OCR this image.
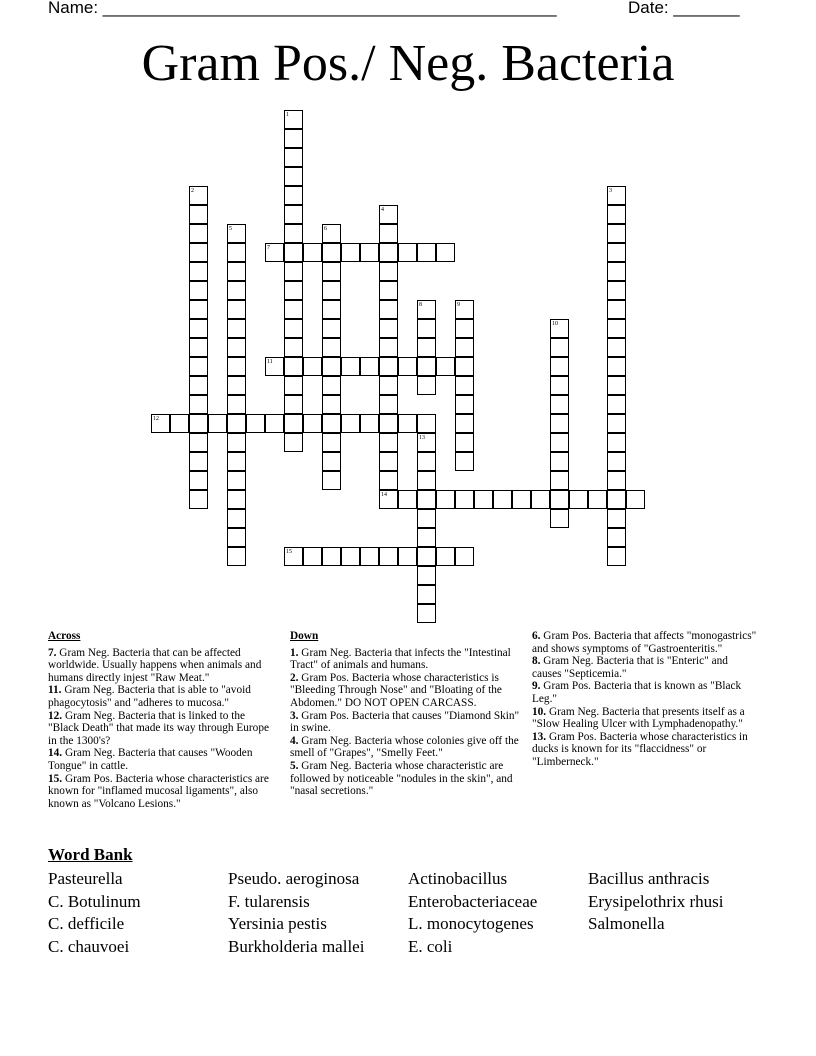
Name: ________________________________________________	Date: _______
Gram Pos./ Neg. Bacteria
1
2	3
4
5	6
7
8	9
10
11
12
13
14
15
Across
7. Gram Neg. Bacteria that can be affected worldwide. Usually happens when animals and humans directly injest "Raw Meat."
11. Gram Neg. Bacteria that is able to "avoid phagocytosis" and "adheres to mucosa."
12. Gram Neg. Bacteria that is linked to the "Black Death" that made its way through Europe in the 1300's?
14. Gram Neg. Bacteria that causes "Wooden Tongue" in cattle.
15. Gram Pos. Bacteria whose characteristics are known for "inflamed mucosal ligaments", also known as "Volcano Lesions."
Down
1. Gram Neg. Bacteria that infects the "Intestinal Tract" of animals and humans.
2. Gram Pos. Bacteria whose characteristics is "Bleeding Through Nose" and "Bloating of the Abdomen." DO NOT OPEN CARCASS.
3. Gram Pos. Bacteria that causes "Diamond Skin" in swine.
4. Gram Neg. Bacteria whose colonies give off the smell of "Grapes", "Smelly Feet."
5. Gram Neg. Bacteria whose characteristic are followed by noticeable "nodules in the skin", and "nasal secretions."
6. Gram Pos. Bacteria that affects "monogastrics" and shows symptoms of "Gastroenteritis."
8. Gram Neg. Bacteria that is "Enteric" and causes "Septicemia."
9. Gram Pos. Bacteria that is known as "Black Leg."
10. Gram Neg. Bacteria that presents itself as a "Slow Healing Ulcer with Lymphadenopathy."
13. Gram Pos. Bacteria whose characteristics in ducks is known for its "flaccidness" or "Limberneck."
Word Bank
Pasteurella
C. Botulinum
C. defficile
C. chauvoei
Pseudo. aeroginosa
F. tularensis
Yersinia pestis
Burkholderia mallei
Actinobacillus
Enterobacteriaceae
L. monocytogenes
E. coli
Bacillus anthracis
Erysipelothrix rhusi
Salmonella
